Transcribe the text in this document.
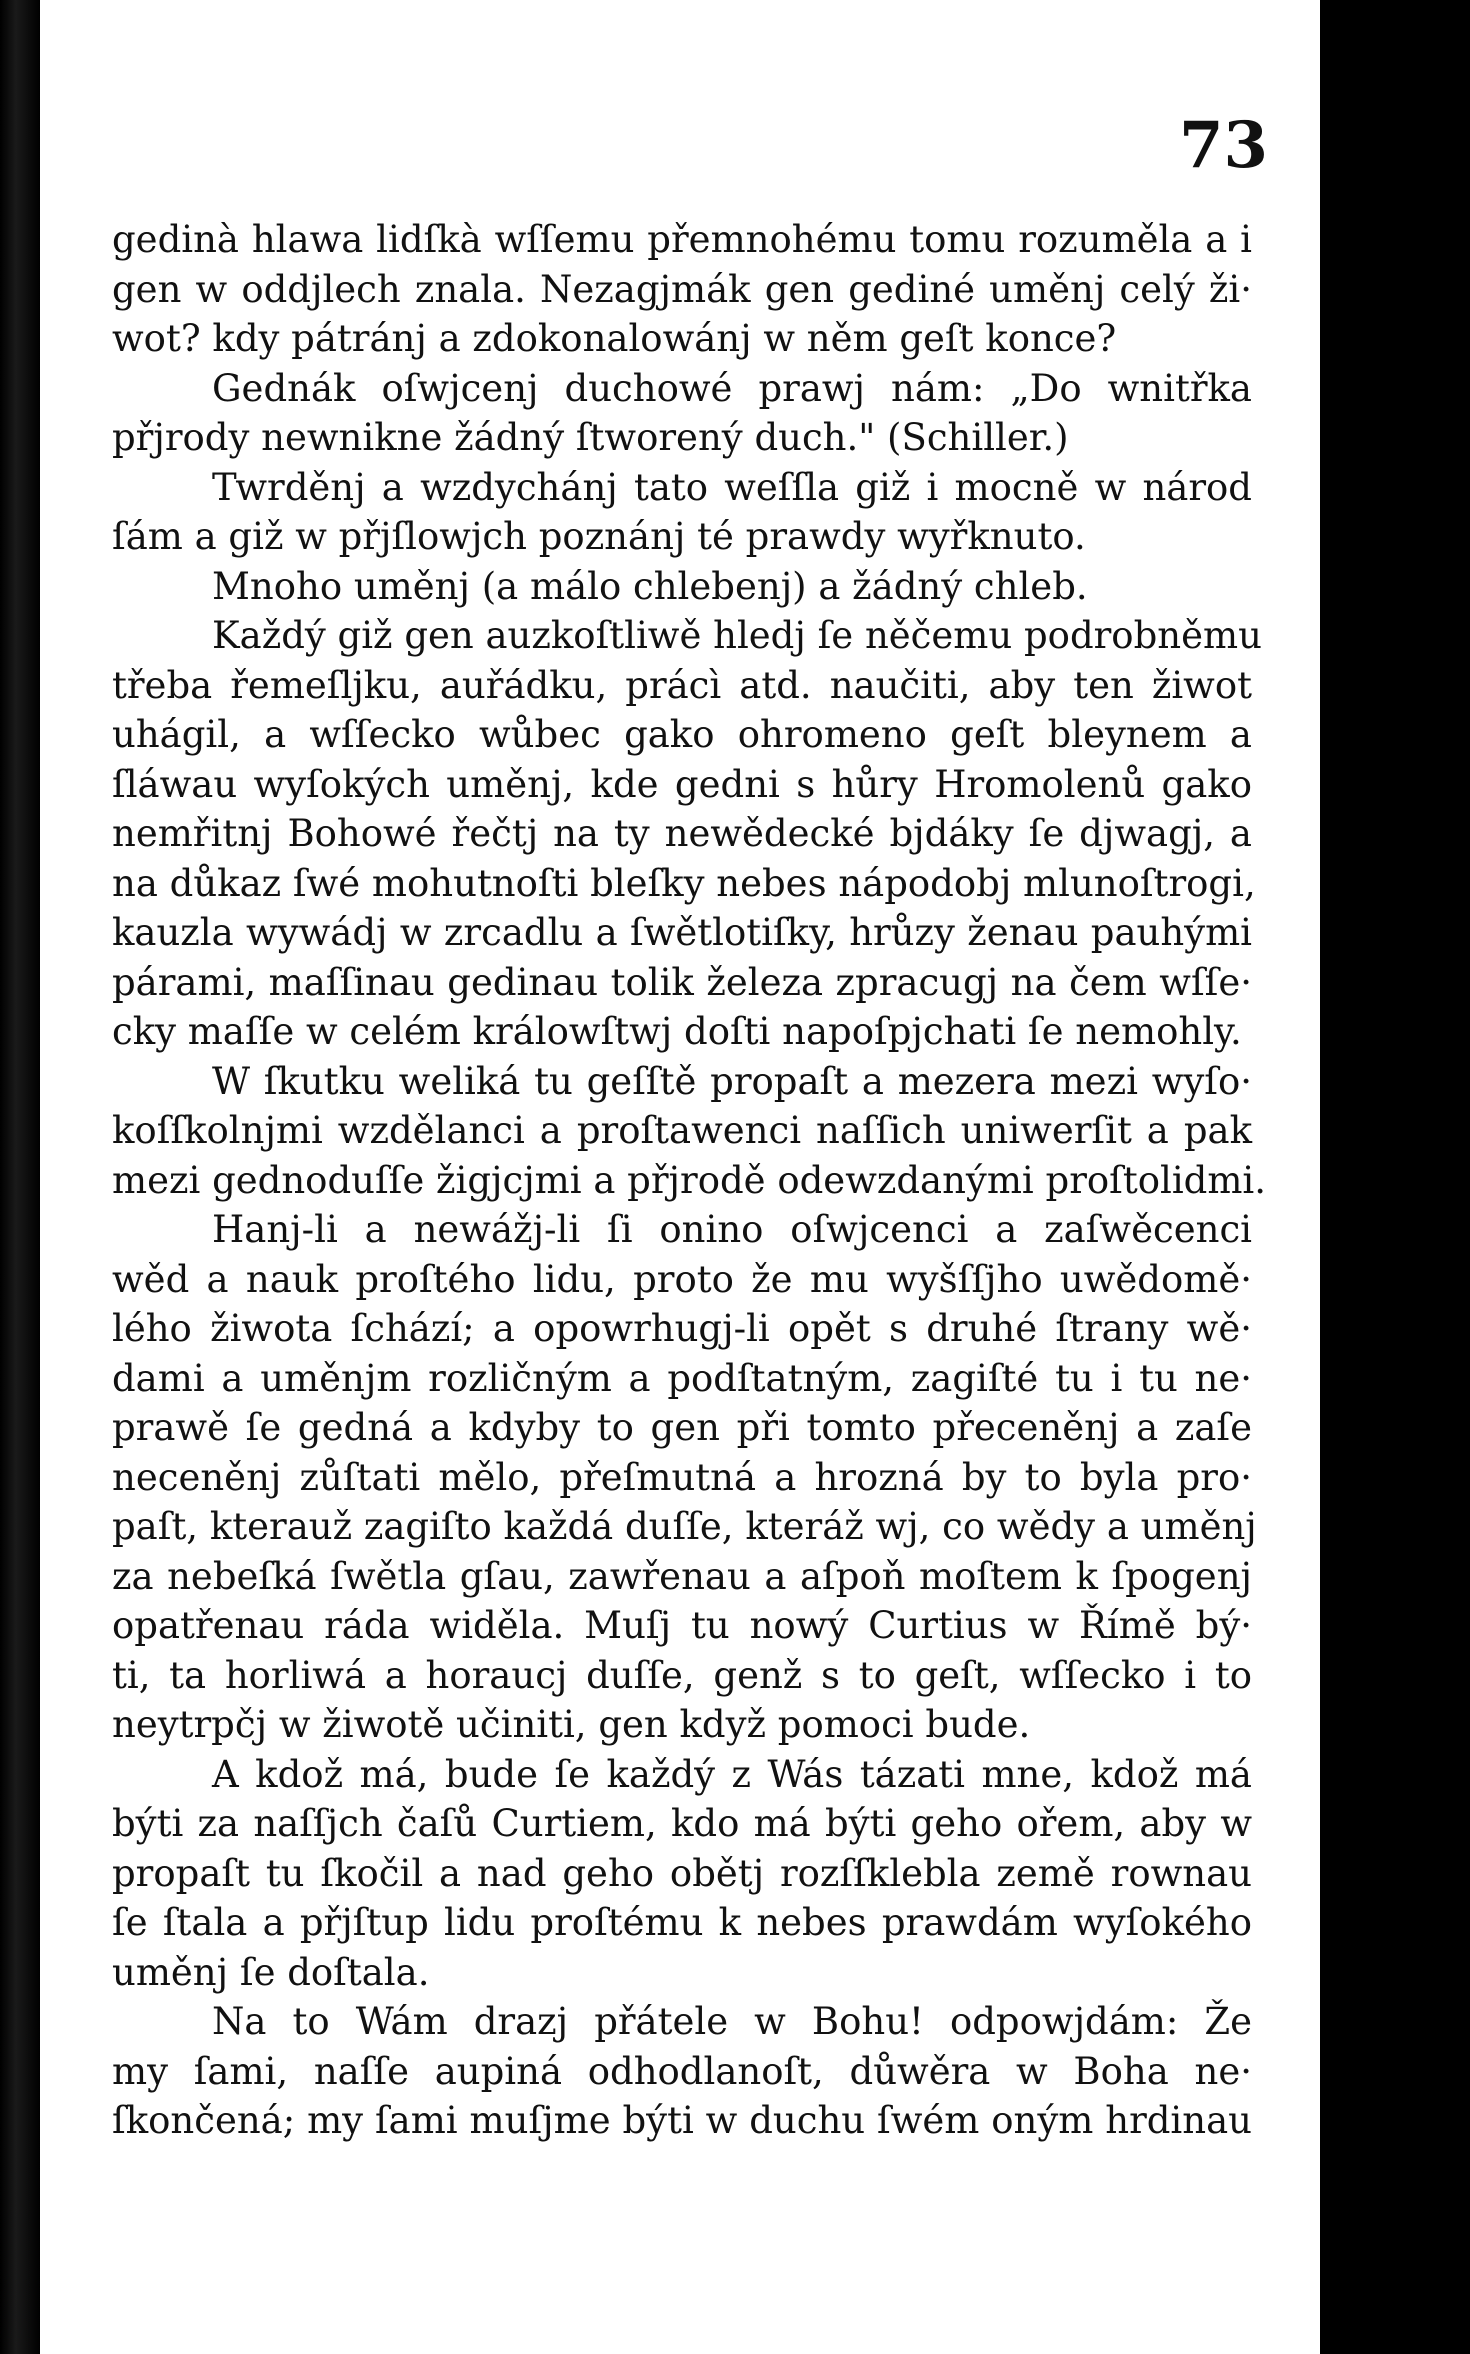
73

gedinà hlawa lidſkà wſſemu přemnohému tomu rozuměla a i
gen w oddjlech znala. Nezagjmák gen gediné uměnj celý ži·
wot? kdy pátránj a zdokonalowánj w něm geſt konce?
Gednák oſwjcenj duchowé prawj nám: „Do wnitřka
přjrody newnikne žádný ſtworený duch." (Schiller.)
Twrděnj a wzdychánj tato weſſla giž i mocně w národ
ſám a giž w přjſlowjch poznánj té prawdy wyřknuto.
Mnoho uměnj (a málo chlebenj) a žádný chleb.
Každý giž gen auzkoſtliwě hledj ſe něčemu podrobněmu
třeba řemeſljku, auřádku, prácì atd. naučiti, aby ten žiwot
uhágil, a wſſecko wůbec gako ohromeno geſt bleynem a
ſláwau wyſokých uměnj, kde gedni s hůry Hromolenů gako
nemřitnj Bohowé řečtj na ty newědecké bjdáky ſe djwagj, a
na důkaz ſwé mohutnoſti bleſky nebes nápodobj mlunoſtrogi,
kauzla wywádj w zrcadlu a ſwětlotiſky, hrůzy ženau pauhými
párami, maſſinau gedinau tolik železa zpracugj na čem wſſe·
cky maſſe w celém králowſtwj doſti napoſpjchati ſe nemohly.
W ſkutku weliká tu geſſtě propaſt a mezera mezi wyſo·
koſſkolnjmi wzdělanci a proſtawenci naſſich uniwerſit a pak
mezi gednoduſſe žigjcjmi a přjrodě odewzdanými proſtolidmi.
Hanj-li a newážj-li ſi onino oſwjcenci a zaſwěcenci
wěd a nauk proſtého lidu, proto že mu wyšſſjho uwědomě·
lého žiwota ſchází; a opowrhugj-li opět s druhé ſtrany wě·
dami a uměnjm rozličným a podſtatným, zagiſté tu i tu ne·
prawě ſe gedná a kdyby to gen při tomto přeceněnj a zaſe
neceněnj zůſtati mělo, přeſmutná a hrozná by to byla pro·
paſt, kterauž zagiſto každá duſſe, kteráž wj, co wědy a uměnj
za nebeſká ſwětla gſau, zawřenau a aſpoň moſtem k ſpogenj
opatřenau ráda widěla. Muſj tu nowý Curtius w Římě bý·
ti, ta horliwá a horaucj duſſe, genž s to geſt, wſſecko i to
neytrpčj w žiwotě učiniti, gen když pomoci bude.
A kdož má, bude ſe každý z Wás tázati mne, kdož má
býti za naſſjch čaſů Curtiem, kdo má býti geho ořem, aby w
propaſt tu ſkočil a nad geho obětj rozſſklebla země rownau
ſe ſtala a přjſtup lidu proſtému k nebes prawdám wyſokého
uměnj ſe doſtala.
Na to Wám drazj přátele w Bohu! odpowjdám: Že
my ſami, naſſe aupiná odhodlanoſt, důwěra w Boha ne·
ſkončená; my ſami muſjme býti w duchu ſwém oným hrdinau
